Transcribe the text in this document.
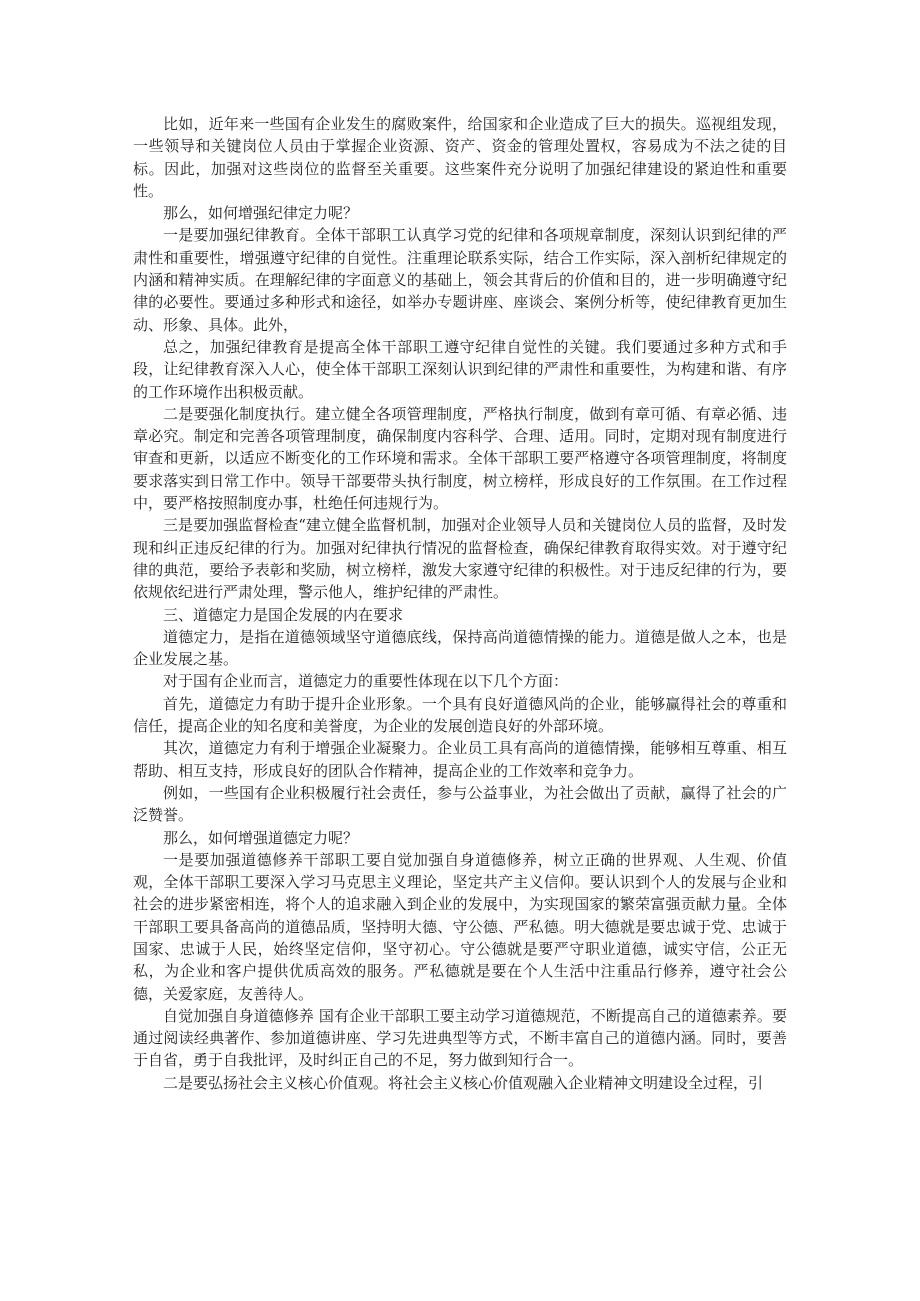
比如，近年来一些国有企业发生的腐败案件，给国家和企业造成了巨大的损失。巡视组发现，一些领导和关键岗位人员由于掌握企业资源、资产、资金的管理处置权，容易成为不法之徒的目标。因此，加强对这些岗位的监督至关重要。这些案件充分说明了加强纪律建设的紧迫性和重要性。

那么，如何增强纪律定力呢？

一是要加强纪律教育。全体干部职工认真学习党的纪律和各项规章制度，深刻认识到纪律的严肃性和重要性，增强遵守纪律的自觉性。注重理论联系实际，结合工作实际，深入剖析纪律规定的内涵和精神实质。在理解纪律的字面意义的基础上，领会其背后的价值和目的，进一步明确遵守纪律的必要性。要通过多种形式和途径，如举办专题讲座、座谈会、案例分析等，使纪律教育更加生动、形象、具体。此外，

总之，加强纪律教育是提高全体干部职工遵守纪律自觉性的关键。我们要通过多种方式和手段，让纪律教育深入人心，使全体干部职工深刻认识到纪律的严肃性和重要性，为构建和谐、有序的工作环境作出积极贡献。

二是要强化制度执行。建立健全各项管理制度，严格执行制度，做到有章可循、有章必循、违章必究。制定和完善各项管理制度，确保制度内容科学、合理、适用。同时，定期对现有制度进行审查和更新，以适应不断变化的工作环境和需求。全体干部职工要严格遵守各项管理制度，将制度要求落实到日常工作中。领导干部要带头执行制度，树立榜样，形成良好的工作氛围。在工作过程中，要严格按照制度办事，杜绝任何违规行为。

三是要加强监督检查“建立健全监督机制，加强对企业领导人员和关键岗位人员的监督，及时发现和纠正违反纪律的行为。加强对纪律执行情况的监督检查，确保纪律教育取得实效。对于遵守纪律的典范，要给予表彰和奖励，树立榜样，激发大家遵守纪律的积极性。对于违反纪律的行为，要依规依纪进行严肃处理，警示他人，维护纪律的严肃性。

三、道德定力是国企发展的内在要求

道德定力，是指在道德领域坚守道德底线，保持高尚道德情操的能力。道德是做人之本，也是企业发展之基。

对于国有企业而言，道德定力的重要性体现在以下几个方面：

首先，道德定力有助于提升企业形象。一个具有良好道德风尚的企业，能够赢得社会的尊重和信任，提高企业的知名度和美誉度，为企业的发展创造良好的外部环境。

其次，道德定力有利于增强企业凝聚力。企业员工具有高尚的道德情操，能够相互尊重、相互帮助、相互支持，形成良好的团队合作精神，提高企业的工作效率和竞争力。

例如，一些国有企业积极履行社会责任，参与公益事业，为社会做出了贡献，赢得了社会的广泛赞誉。

那么，如何增强道德定力呢？

一是要加强道德修养干部职工要自觉加强自身道德修养，树立正确的世界观、人生观、价值观，全体干部职工要深入学习马克思主义理论，坚定共产主义信仰。要认识到个人的发展与企业和社会的进步紧密相连，将个人的追求融入到企业的发展中，为实现国家的繁荣富强贡献力量。全体干部职工要具备高尚的道德品质，坚持明大德、守公德、严私德。明大德就是要忠诚于党、忠诚于国家、忠诚于人民，始终坚定信仰，坚守初心。守公德就是要严守职业道德，诚实守信，公正无私，为企业和客户提供优质高效的服务。严私德就是要在个人生活中注重品行修养，遵守社会公德，关爱家庭，友善待人。

自觉加强自身道德修养 国有企业干部职工要主动学习道德规范，不断提高自己的道德素养。要通过阅读经典著作、参加道德讲座、学习先进典型等方式，不断丰富自己的道德内涵。同时，要善于自省，勇于自我批评，及时纠正自己的不足，努力做到知行合一。

二是要弘扬社会主义核心价值观。将社会主义核心价值观融入企业精神文明建设全过程，引
